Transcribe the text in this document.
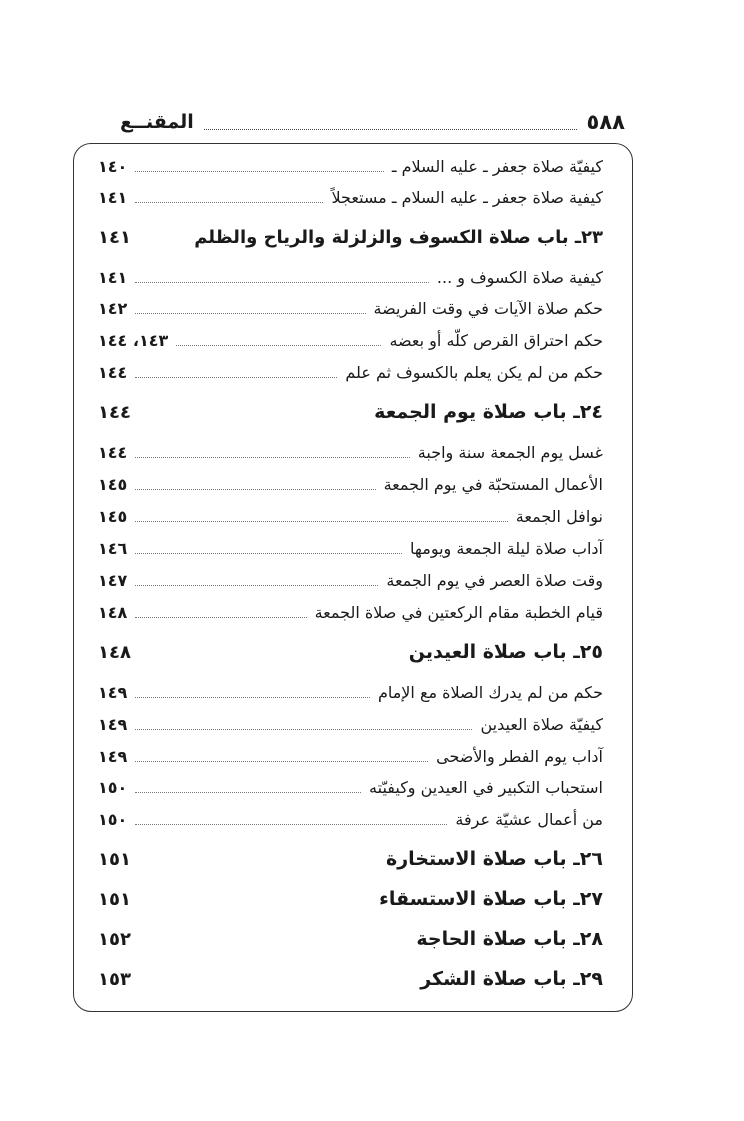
٥٨٨
المقنــع
كيفيّة صلاة جعفر ـ عليه السلام ـ
١٤٠
كيفية صلاة جعفر ـ عليه السلام ـ مستعجلاً
١٤١
٢٣ـ باب صلاة الكسوف والزلزلة والرياح والظلم
١٤١
كيفية صلاة الكسوف و ...
١٤١
حكم صلاة الآيات في وقت الفريضة
١٤٢
حكم احتراق القرص كلّه أو بعضه
١٤٣، ١٤٤
حكم من لم يكن يعلم بالكسوف ثم علم
١٤٤
٢٤ـ باب صلاة يوم الجمعة
١٤٤
غسل يوم الجمعة سنة واجبة
١٤٤
الأعمال المستحبّة في يوم الجمعة
١٤٥
نوافل الجمعة
١٤٥
آداب صلاة ليلة الجمعة ويومها
١٤٦
وقت صلاة العصر في يوم الجمعة
١٤٧
قيام الخطبة مقام الركعتين في صلاة الجمعة
١٤٨
٢٥ـ باب صلاة العيدين
١٤٨
حكم من لم يدرك الصلاة مع الإمام
١٤٩
كيفيّة صلاة العيدين
١٤٩
آداب يوم الفطر والأضحى
١٤٩
استحباب التكبير في العيدين وكيفيّته
١٥٠
من أعمال عشيّة عرفة
١٥٠
٢٦ـ باب صلاة الاستخارة
١٥١
٢٧ـ باب صلاة الاستسقاء
١٥١
٢٨ـ باب صلاة الحاجة
١٥٢
٢٩ـ باب صلاة الشكر
١٥٣
